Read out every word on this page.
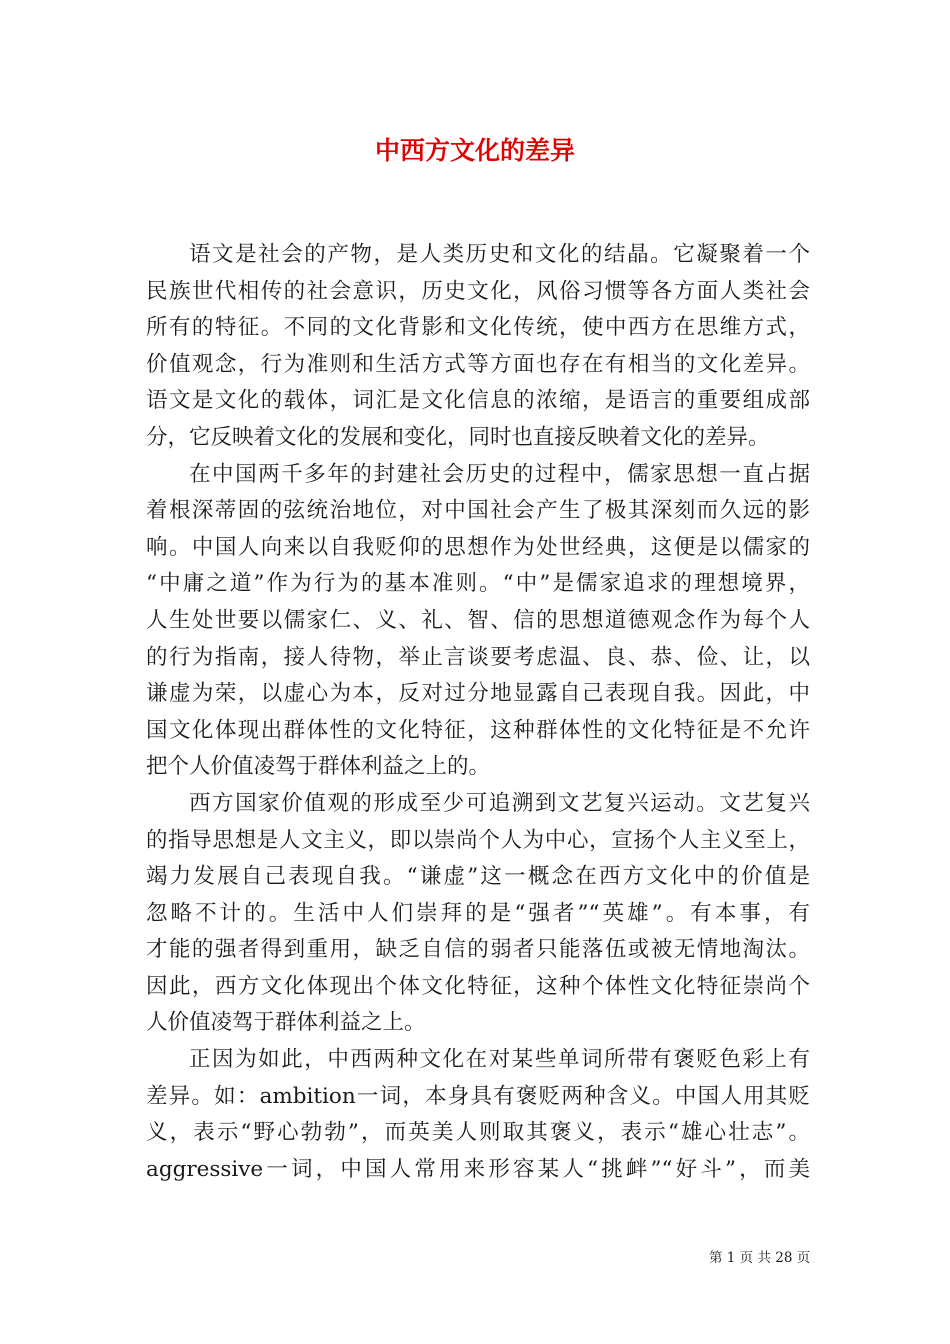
中西方文化的差异
语文是社会的产物，是人类历史和文化的结晶。它凝聚着一个
民族世代相传的社会意识，历史文化，风俗习惯等各方面人类社会
所有的特征。不同的文化背影和文化传统，使中西方在思维方式，
价值观念，行为准则和生活方式等方面也存在有相当的文化差异。
语文是文化的载体，词汇是文化信息的浓缩，是语言的重要组成部
分，它反映着文化的发展和变化，同时也直接反映着文化的差异。
在中国两千多年的封建社会历史的过程中，儒家思想一直占据
着根深蒂固的弦统治地位，对中国社会产生了极其深刻而久远的影
响。中国人向来以自我贬仰的思想作为处世经典，这便是以儒家的
“中庸之道”作为行为的基本准则。“中”是儒家追求的理想境界，
人生处世要以儒家仁、义、礼、智、信的思想道德观念作为每个人
的行为指南，接人待物，举止言谈要考虑温、良、恭、俭、让，以
谦虚为荣，以虚心为本，反对过分地显露自己表现自我。因此，中
国文化体现出群体性的文化特征，这种群体性的文化特征是不允许
把个人价值凌驾于群体利益之上的。
西方国家价值观的形成至少可追溯到文艺复兴运动。文艺复兴
的指导思想是人文主义，即以崇尚个人为中心，宣扬个人主义至上，
竭力发展自己表现自我。“谦虚”这一概念在西方文化中的价值是
忽略不计的。生活中人们崇拜的是“强者”“英雄”。有本事，有
才能的强者得到重用，缺乏自信的弱者只能落伍或被无情地淘汰。
因此，西方文化体现出个体文化特征，这种个体性文化特征崇尚个
人价值凌驾于群体利益之上。
正因为如此，中西两种文化在对某些单词所带有褒贬色彩上有
差异。如：ambition一词，本身具有褒贬两种含义。中国人用其贬
义，表示“野心勃勃”，而英美人则取其褒义，表示“雄心壮志”。
aggressive一词，中国人常用来形容某人“挑衅”“好斗”，而美
第 1 页 共 28 页
